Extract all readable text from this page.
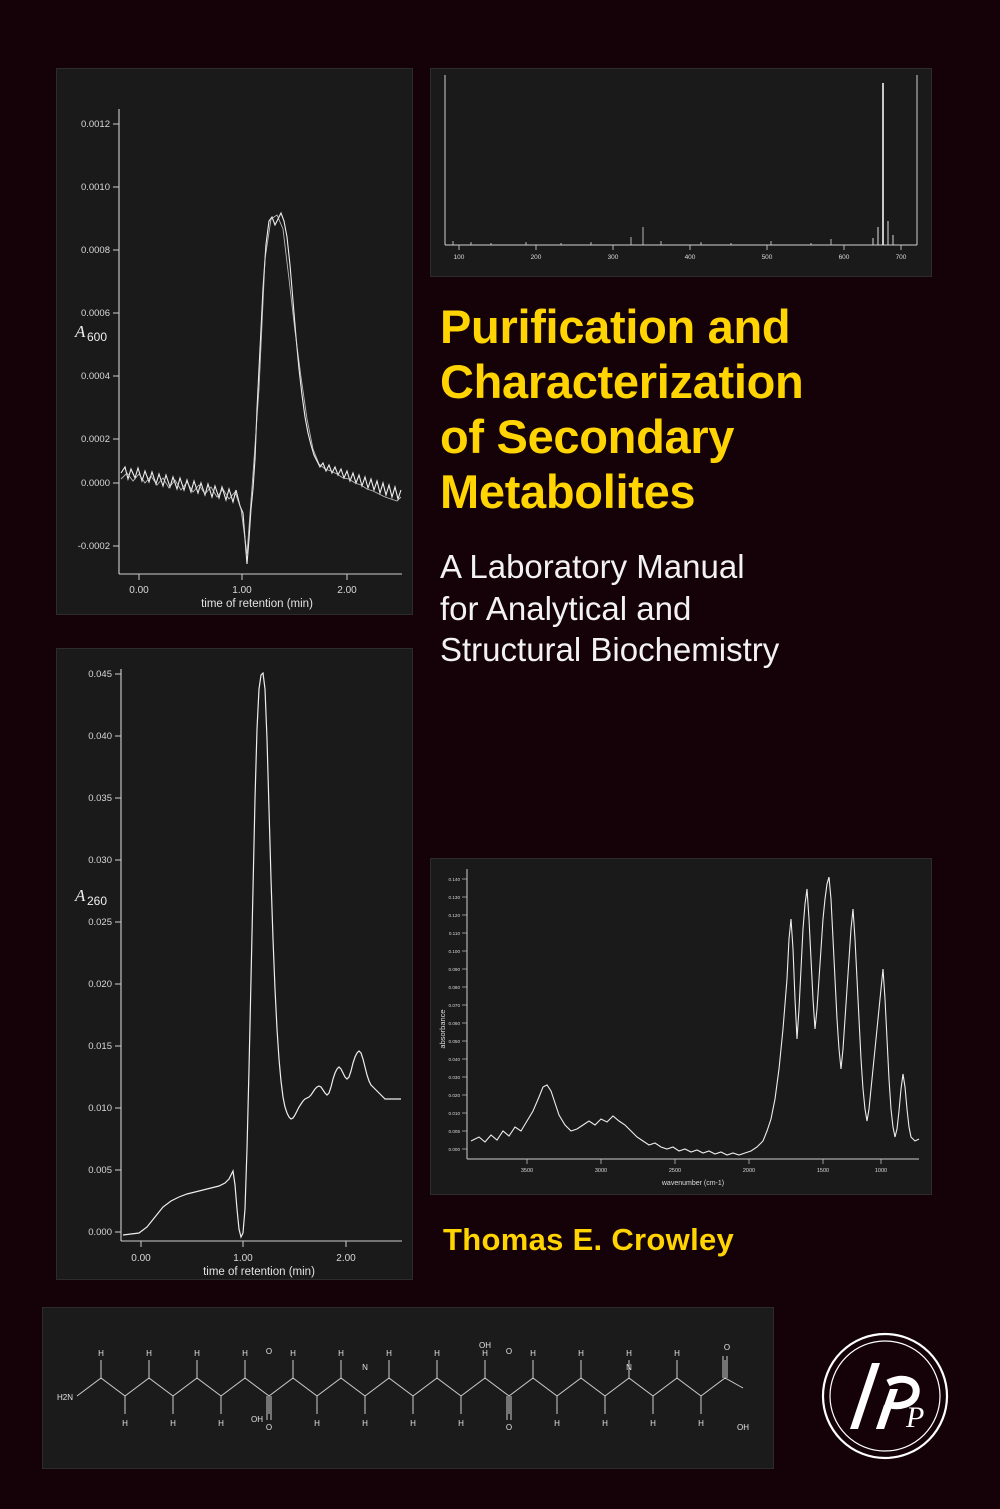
0.0012
0.0010
0.0008
0.0006
0.0004
0.0002
0.0000
-0.0002
A 600
0.00	1.00	2.00
time of retention (min)
100	200	300	400	500	600	700
Purification and
Characterization
of Secondary
Metabolites
A Laboratory Manual
for Analytical and
Structural Biochemistry
0.045
0.040
0.035
0.030
0.025
0.020
0.015
0.010
0.005
0.000
A 260
0.00	1.00	2.00
time of retention (min)
0.140
0.130
0.120
0.110
0.100
0.090
0.080
0.070
0.060
0.050
0.040
0.030
0.020
0.010
0.005
0.000
absorbance
3500	3000	2500	2000	1500	1000
wavenumber (cm-1)
Thomas E. Crowley
P
H	H	H	H	H	H	H	H	H	H	H	H	H
O	O	O
H	H	H	H	H	H	H	H	H	H	H
O	O
OH
OH
OH
H2N
N	N
